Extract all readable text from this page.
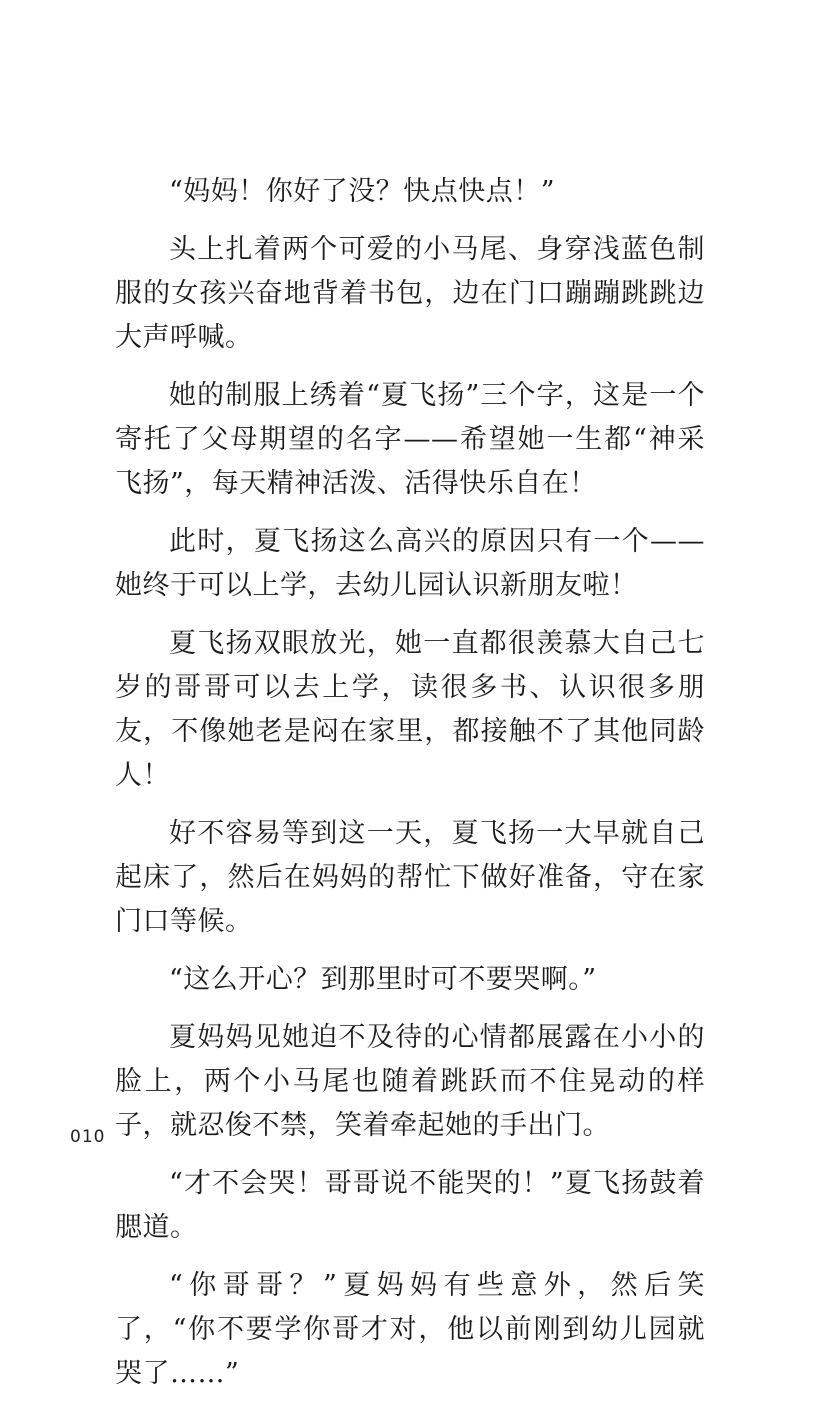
“妈妈！你好了没？快点快点！”

头上扎着两个可爱的小马尾、身穿浅蓝色制服的女孩兴奋地背着书包，边在门口蹦蹦跳跳边大声呼喊。

她的制服上绣着“夏飞扬”三个字，这是一个寄托了父母期望的名字——希望她一生都“神采飞扬”，每天精神活泼、活得快乐自在！

此时，夏飞扬这么高兴的原因只有一个——她终于可以上学，去幼儿园认识新朋友啦！

夏飞扬双眼放光，她一直都很羡慕大自己七岁的哥哥可以去上学，读很多书、认识很多朋友，不像她老是闷在家里，都接触不了其他同龄人！

好不容易等到这一天，夏飞扬一大早就自己起床了，然后在妈妈的帮忙下做好准备，守在家门口等候。

“这么开心？到那里时可不要哭啊。”

夏妈妈见她迫不及待的心情都展露在小小的脸上，两个小马尾也随着跳跃而不住晃动的样子，就忍俊不禁，笑着牵起她的手出门。

“才不会哭！哥哥说不能哭的！”夏飞扬鼓着腮道。

“你哥哥？”夏妈妈有些意外，然后笑了，“你不要学你哥才对，他以前刚到幼儿园就哭了……”

010
